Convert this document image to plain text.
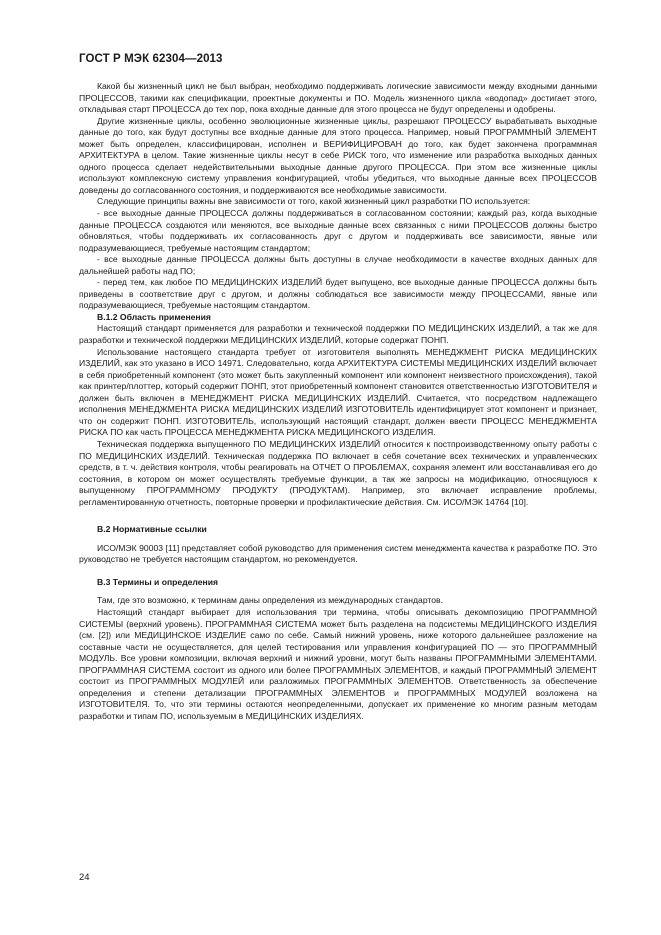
ГОСТ Р МЭК 62304—2013

Какой бы жизненный цикл не был выбран, необходимо поддерживать логические зависимости между входными данными ПРОЦЕССОВ, такими как спецификации, проектные документы и ПО. Модель жизненного цикла «водопад» достигает этого, откладывая старт ПРОЦЕССА до тех пор, пока входные данные для этого процесса не будут определены и одобрены.

Другие жизненные циклы, особенно эволюционные жизненные циклы, разрешают ПРОЦЕССУ вырабатывать выходные данные до того, как будут доступны все входные данные для этого процесса. Например, новый ПРОГРАММНЫЙ ЭЛЕМЕНТ может быть определен, классифицирован, исполнен и ВЕРИФИЦИРОВАН до того, как будет закончена программная АРХИТЕКТУРА в целом. Такие жизненные циклы несут в себе РИСК того, что изменение или разработка выходных данных одного процесса сделает недействительными выходные данные другого ПРОЦЕССА. При этом все жизненные циклы используют комплексную систему управления конфигурацией, чтобы убедиться, что выходные данные всех ПРОЦЕССОВ доведены до согласованного состояния, и поддерживаются все необходимые зависимости.

Следующие принципы важны вне зависимости от того, какой жизненный цикл разработки ПО используется:

- все выходные данные ПРОЦЕССА должны поддерживаться в согласованном состоянии; каждый раз, когда выходные данные ПРОЦЕССА создаются или меняются, все выходные данные всех связанных с ними ПРОЦЕССОВ должны быстро обновляться, чтобы поддерживать их согласованность друг с другом и поддерживать все зависимости, явные или подразумевающиеся, требуемые настоящим стандартом;

- все выходные данные ПРОЦЕССА должны быть доступны в случае необходимости в качестве входных данных для дальнейшей работы над ПО;

- перед тем, как любое ПО МЕДИЦИНСКИХ ИЗДЕЛИЙ будет выпущено, все выходные данные ПРОЦЕССА должны быть приведены в соответствие друг с другом, и должны соблюдаться все зависимости между ПРОЦЕССАМИ, явные или подразумевающиеся, требуемые настоящим стандартом.

В.1.2 Область применения

Настоящий стандарт применяется для разработки и технической поддержки ПО МЕДИЦИНСКИХ ИЗДЕЛИЙ, а так же для разработки и технической поддержки МЕДИЦИНСКИХ ИЗДЕЛИЙ, которые содержат ПОНП.

Использование настоящего стандарта требует от изготовителя выполнять МЕНЕДЖМЕНТ РИСКА МЕДИЦИНСКИХ ИЗДЕЛИЙ, как это указано в ИСО 14971. Следовательно, когда АРХИТЕКТУРА СИСТЕМЫ МЕДИЦИНСКИХ ИЗДЕЛИЙ включает в себя приобретенный компонент (это может быть закупленный компонент или компонент неизвестного происхождения), такой как принтер/плоттер, который содержит ПОНП, этот приобретенный компонент становится ответственностью ИЗГОТОВИТЕЛЯ и должен быть включен в МЕНЕДЖМЕНТ РИСКА МЕДИЦИНСКИХ ИЗДЕЛИЙ. Считается, что посредством надлежащего исполнения МЕНЕДЖМЕНТА РИСКА МЕДИЦИНСКИХ ИЗДЕЛИЙ ИЗГОТОВИТЕЛЬ идентифицирует этот компонент и признает, что он содержит ПОНП. ИЗГОТОВИТЕЛЬ, использующий настоящий стандарт, должен ввести ПРОЦЕСС МЕНЕДЖМЕНТА РИСКА ПО как часть ПРОЦЕССА МЕНЕДЖМЕНТА РИСКА МЕДИЦИНСКОГО ИЗДЕЛИЯ.

Техническая поддержка выпущенного ПО МЕДИЦИНСКИХ ИЗДЕЛИЙ относится к постпроизводственному опыту работы с ПО МЕДИЦИНСКИХ ИЗДЕЛИЙ. Техническая поддержка ПО включает в себя сочетание всех технических и управленческих средств, в т. ч. действия контроля, чтобы реагировать на ОТЧЕТ О ПРОБЛЕМАХ, сохраняя элемент или восстанавливая его до состояния, в котором он может осуществлять требуемые функции, а так же запросы на модификацию, относящуюся к выпущенному ПРОГРАММНОМУ ПРОДУКТУ (ПРОДУКТАМ). Например, это включает исправление проблемы, регламентированную отчетность, повторные проверки и профилактические действия. См. ИСО/МЭК 14764 [10].

В.2 Нормативные ссылки

ИСО/МЭК 90003 [11] представляет собой руководство для применения систем менеджмента качества к разработке ПО. Это руководство не требуется настоящим стандартом, но рекомендуется.

В.3 Термины и определения

Там, где это возможно, к терминам даны определения из международных стандартов.

Настоящий стандарт выбирает для использования три термина, чтобы описывать декомпозицию ПРОГРАММНОЙ СИСТЕМЫ (верхний уровень). ПРОГРАММНАЯ СИСТЕМА может быть разделена на подсистемы МЕДИЦИНСКОГО ИЗДЕЛИЯ (см. [2]) или МЕДИЦИНСКОЕ ИЗДЕЛИЕ само по себе. Самый нижний уровень, ниже которого дальнейшее разложение на составные части не осуществляется, для целей тестирования или управления конфигурацией ПО — это ПРОГРАММНЫЙ МОДУЛЬ. Все уровни композиции, включая верхний и нижний уровни, могут быть названы ПРОГРАММНЫМИ ЭЛЕМЕНТАМИ. ПРОГРАММНАЯ СИСТЕМА состоит из одного или более ПРОГРАММНЫХ ЭЛЕМЕНТОВ, и каждый ПРОГРАММНЫЙ ЭЛЕМЕНТ состоит из ПРОГРАММНЫХ МОДУЛЕЙ или разложимых ПРОГРАММНЫХ ЭЛЕМЕНТОВ. Ответственность за обеспечение определения и степени детализации ПРОГРАММНЫХ ЭЛЕМЕНТОВ и ПРОГРАММНЫХ МОДУЛЕЙ возложена на ИЗГОТОВИТЕЛЯ. То, что эти термины остаются неопределенными, допускает их применение ко многим разным методам разработки и типам ПО, используемым в МЕДИЦИНСКИХ ИЗДЕЛИЯХ.

24
